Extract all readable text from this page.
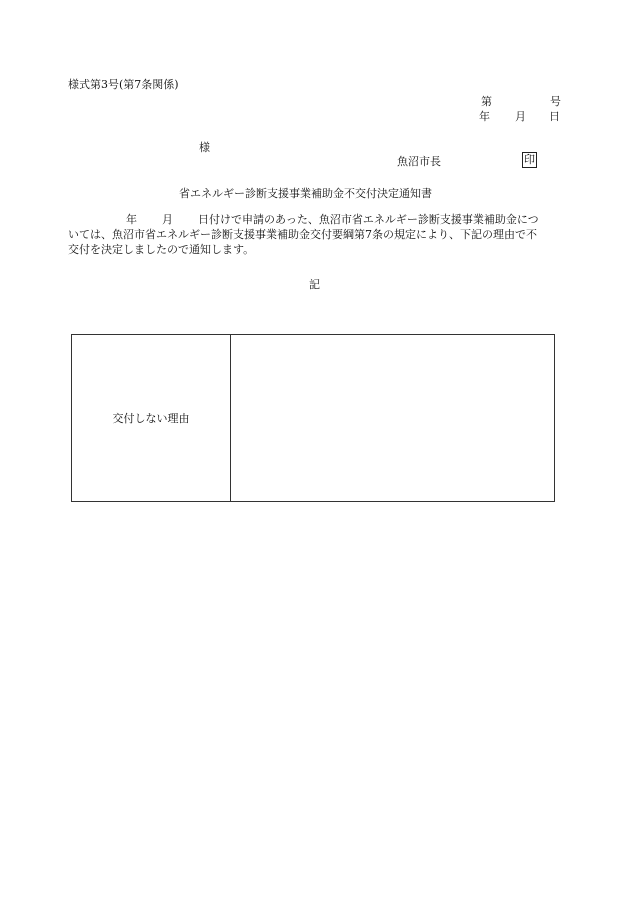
様式第3号(第7条関係)
第	号
年 月 日
様
魚沼市長	印
省エネルギー診断支援事業補助金不交付決定通知書
年 月 日付けで申請のあった、魚沼市省エネルギー診断支援事業補助金につ
いては、魚沼市省エネルギー診断支援事業補助金交付要綱第7条の規定により、下記の理由で不
交付を決定しましたので通知します。
記
交付しない理由
